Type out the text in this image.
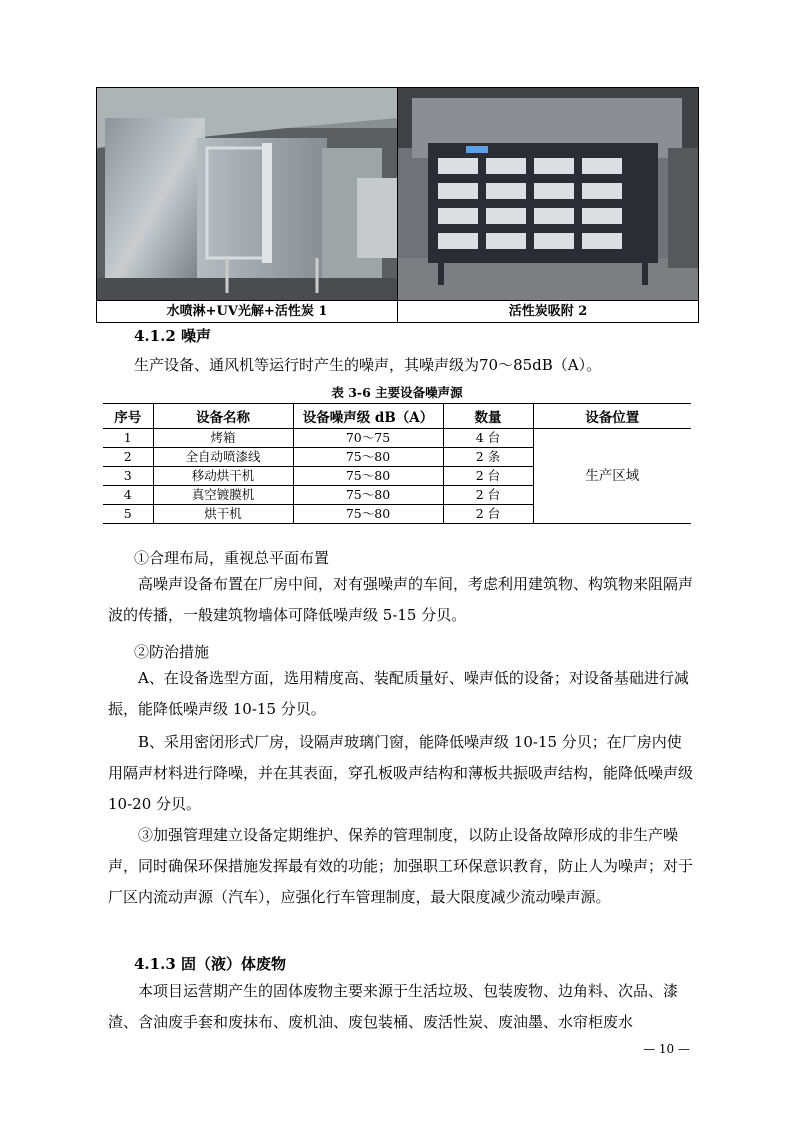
水喷淋+UV光解+活性炭 1	活性炭吸附 2
4.1.2 噪声
生产设备、通风机等运行时产生的噪声，其噪声级为70～85dB（A）。
表 3-6 主要设备噪声源
序号	设备名称	设备噪声级 dB（A）	数量	设备位置
1	烤箱	70～75	4 台	生产区域
2	全自动喷漆线	75～80	2 条	
3	移动烘干机	75～80	2 台	
4	真空镀膜机	75～80	2 台	
5	烘干机	75～80	2 台	
①合理布局，重视总平面布置

高噪声设备布置在厂房中间，对有强噪声的车间，考虑利用建筑物、构筑物来阻隔声波的传播，一般建筑物墙体可降低噪声级 5-15 分贝。

②防治措施

A、在设备选型方面，选用精度高、装配质量好、噪声低的设备；对设备基础进行减振，能降低噪声级 10-15 分贝。

B、采用密闭形式厂房，设隔声玻璃门窗，能降低噪声级 10-15 分贝；在厂房内使用隔声材料进行降噪，并在其表面，穿孔板吸声结构和薄板共振吸声结构，能降低噪声级 10-20 分贝。

③加强管理建立设备定期维护、保养的管理制度，以防止设备故障形成的非生产噪声，同时确保环保措施发挥最有效的功能；加强职工环保意识教育，防止人为噪声；对于厂区内流动声源（汽车），应强化行车管理制度，最大限度减少流动噪声源。

4.1.3 固（液）体废物

本项目运营期产生的固体废物主要来源于生活垃圾、包装废物、边角料、次品、漆渣、含油废手套和废抹布、废机油、废包装桶、废活性炭、废油墨、水帘柜废水

— 10 —
